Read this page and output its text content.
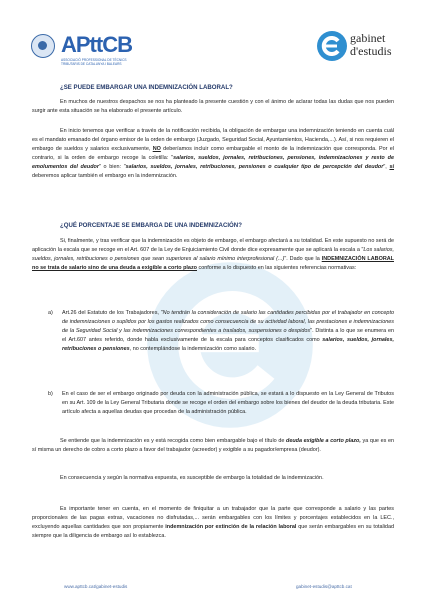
APttCB
ASSOCIACIÓ PROFESSIONAL DE TÈCNICS TRIBUTARIS DE CATALUNYA I BALEARS
gabinet
d'estudis
¿SE PUEDE EMBARGAR UNA INDEMNIZACIÓN LABORAL?

En muchos de nuestros despachos se nos ha planteado la presente cuestión y con el ánimo de aclarar todas las dudas que nos pueden surgir ante esta situación se ha elaborado el presente artículo.

En inicio tenemos que verificar a través de la notificación recibida, la obligación de embargar una indemnización teniendo en cuenta cuál es el mandato emanado del órgano emisor de la orden de embargo (Juzgado, Seguridad Social, Ayuntamientos, Hacienda,...). Así, si nos requieren el embargo de sueldos y salarios exclusivamente, NO deberíamos incluir como embargable el monto de la indemnización que corresponda. Por el contrario, si la orden de embargo recoge la coletilla: "salarios, sueldos, jornales, retribuciones, pensiones, indemnizaciones y resto de emolumentos del deudor" o bien: "salarios, sueldos, jornales, retribuciones, pensiones o cualquier tipo de percepción del deudor", sí deberemos aplicar también el embargo en la indemnización.

¿QUÉ PORCENTAJE SE EMBARGA DE UNA INDEMNIZACIÓN?

Si, finalmente, y tras verificar que la indemnización es objeto de embargo, el embargo afectará a su totalidad. En este supuesto no será de aplicación la escala que se recoge en el Art. 607 de la Ley de Enjuiciamiento Civil donde dice expresamente que se aplicará la escala a "Los salarios, sueldos, jornales, retribuciones o pensiones que sean superiores al salario mínimo interprofesional (...)". Dado que la INDEMNIZACIÓN LABORAL no se trata de salario sino de una deuda a exigible a corto plazo conforme a lo dispuesto en las siguientes referencias normativas:

a) Art.26 del Estatuto de los Trabajadores, "No tendrán la consideración de salario las cantidades percibidas por el trabajador en concepto de indemnizaciones o suplidos por los gastos realizados como consecuencia de su actividad laboral, las prestaciones e indemnizaciones de la Seguridad Social y las indemnizaciones correspondientes a traslados, suspensiones o despidos". Distinta a lo que se enumera en el Art.607 antes referido, donde habla exclusivamente de la escala para conceptos clasificados como salarios, sueldos, jornales, retribuciones o pensiones, no contemplándose la indemnización como salario.
b) En el caso de ser el embargo originado por deuda con la administración pública, se estará a lo dispuesto en la Ley General de Tributos en su Art. 109 de la Ley General Tributaria donde se recoge el orden del embargo sobre los bienes del deudor de la deuda tributaria. Este artículo afecta a aquellas deudas que procedan de la administración pública.

Se entiende que la indemnización es y está recogida como bien embargable bajo el título de deuda exigible a corto plazo, ya que es en sí misma un derecho de cobro a corto plazo a favor del trabajador (acreedor) y exigible a su pagador/empresa (deudor).

En consecuencia y según la normativa expuesta, es susceptible de embargo la totalidad de la indemnización.

Es importante tener en cuenta, en el momento de finiquitar a un trabajador que la parte que corresponde a salario y las partes proporcionales de las pagas extras, vacaciones no disfrutadas,... serán embargables con los límites y porcentajes establecidos en la LEC., excluyendo aquellas cantidades que son propiamente indemnización por extinción de la relación laboral que serán embargables en su totalidad siempre que la diligencia de embargo así lo establezca.

www.apttcb.cat/gabinet-estudis	gabinet-estudis@apttcb.cat
